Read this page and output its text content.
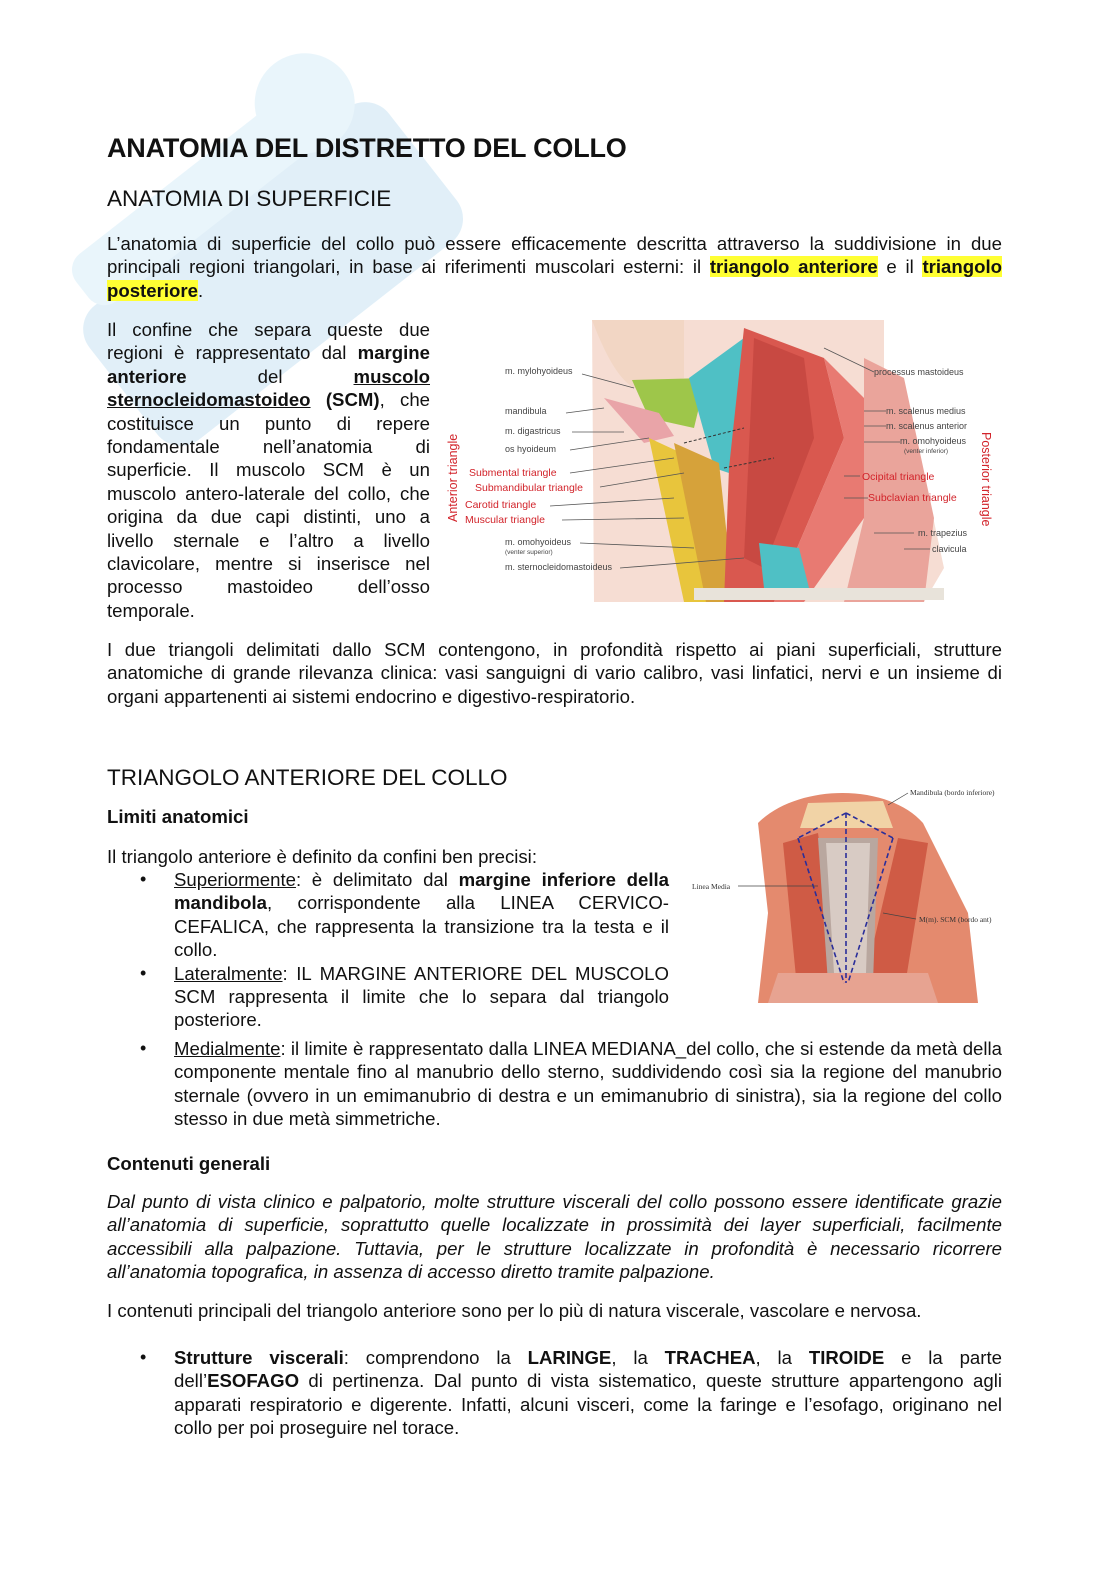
ANATOMIA DEL DISTRETTO DEL COLLO
ANATOMIA DI SUPERFICIE

L’anatomia di superficie del collo può essere efficacemente descritta attraverso la suddivisione in due principali regioni triangolari, in base ai riferimenti muscolari esterni: il triangolo anteriore e il triangolo posteriore.

Il confine che separa queste due regioni è rappresentato dal margine anteriore del muscolo sternocleidomastoideo (SCM), che costituisce un punto di repere fondamentale nell’anatomia di superficie. Il muscolo SCM è un muscolo antero-laterale del collo, che origina da due capi distinti, uno a livello sternale e l’altro a livello clavicolare, mentre si inserisce nel processo mastoideo dell’osso temporale.

Anterior triangle	Posterior triangle
m. mylohyoideus
mandibula
m. digastricus
os hyoideum
m. omohyoideus
(venter superior)
m. sternocleidomastoideus
Submental triangle
Submandibular triangle
Carotid triangle
Muscular triangle
processus mastoideus
m. scalenus medius
m. scalenus anterior
m. omohyoideus
(venter inferior)
m. trapezius
clavicula
Ocipital triangle
Subclavian triangle

I due triangoli delimitati dallo SCM contengono, in profondità rispetto ai piani superficiali, strutture anatomiche di grande rilevanza clinica: vasi sanguigni di vario calibro, vasi linfatici, nervi e un insieme di organi appartenenti ai sistemi endocrino e digestivo-respiratorio.

TRIANGOLO ANTERIORE DEL COLLO
Limiti anatomici

Il triangolo anteriore è definito da confini ben precisi:

• Superiormente: è delimitato dal margine inferiore della mandibola, corrispondente alla LINEA CERVICO-CEFALICA, che rappresenta la transizione tra la testa e il collo.
• Lateralmente: IL MARGINE ANTERIORE DEL MUSCOLO SCM rappresenta il limite che lo separa dal triangolo posteriore.
• Medialmente: il limite è rappresentato dalla LINEA MEDIANA_del collo, che si estende da metà della componente mentale fino al manubrio dello sterno, suddividendo così sia la regione del manubrio sternale (ovvero in un emimanubrio di destra e un emimanubrio di sinistra), sia la regione del collo stesso in due metà simmetriche.
Mandibula (bordo inferiore)
Linea Media
M(m). SCM (bordo ant)
Contenuti generali

Dal punto di vista clinico e palpatorio, molte strutture viscerali del collo possono essere identificate grazie all’anatomia di superficie, soprattutto quelle localizzate in prossimità dei layer superficiali, facilmente accessibili alla palpazione. Tuttavia, per le strutture localizzate in profondità è necessario ricorrere all’anatomia topografica, in assenza di accesso diretto tramite palpazione.

I contenuti principali del triangolo anteriore sono per lo più di natura viscerale, vascolare e nervosa.

• Strutture viscerali: comprendono la LARINGE, la TRACHEA, la TIROIDE e la parte dell’ESOFAGO di pertinenza. Dal punto di vista sistematico, queste strutture appartengono agli apparati respiratorio e digerente. Infatti, alcuni visceri, come la faringe e l’esofago, originano nel collo per poi proseguire nel torace.
